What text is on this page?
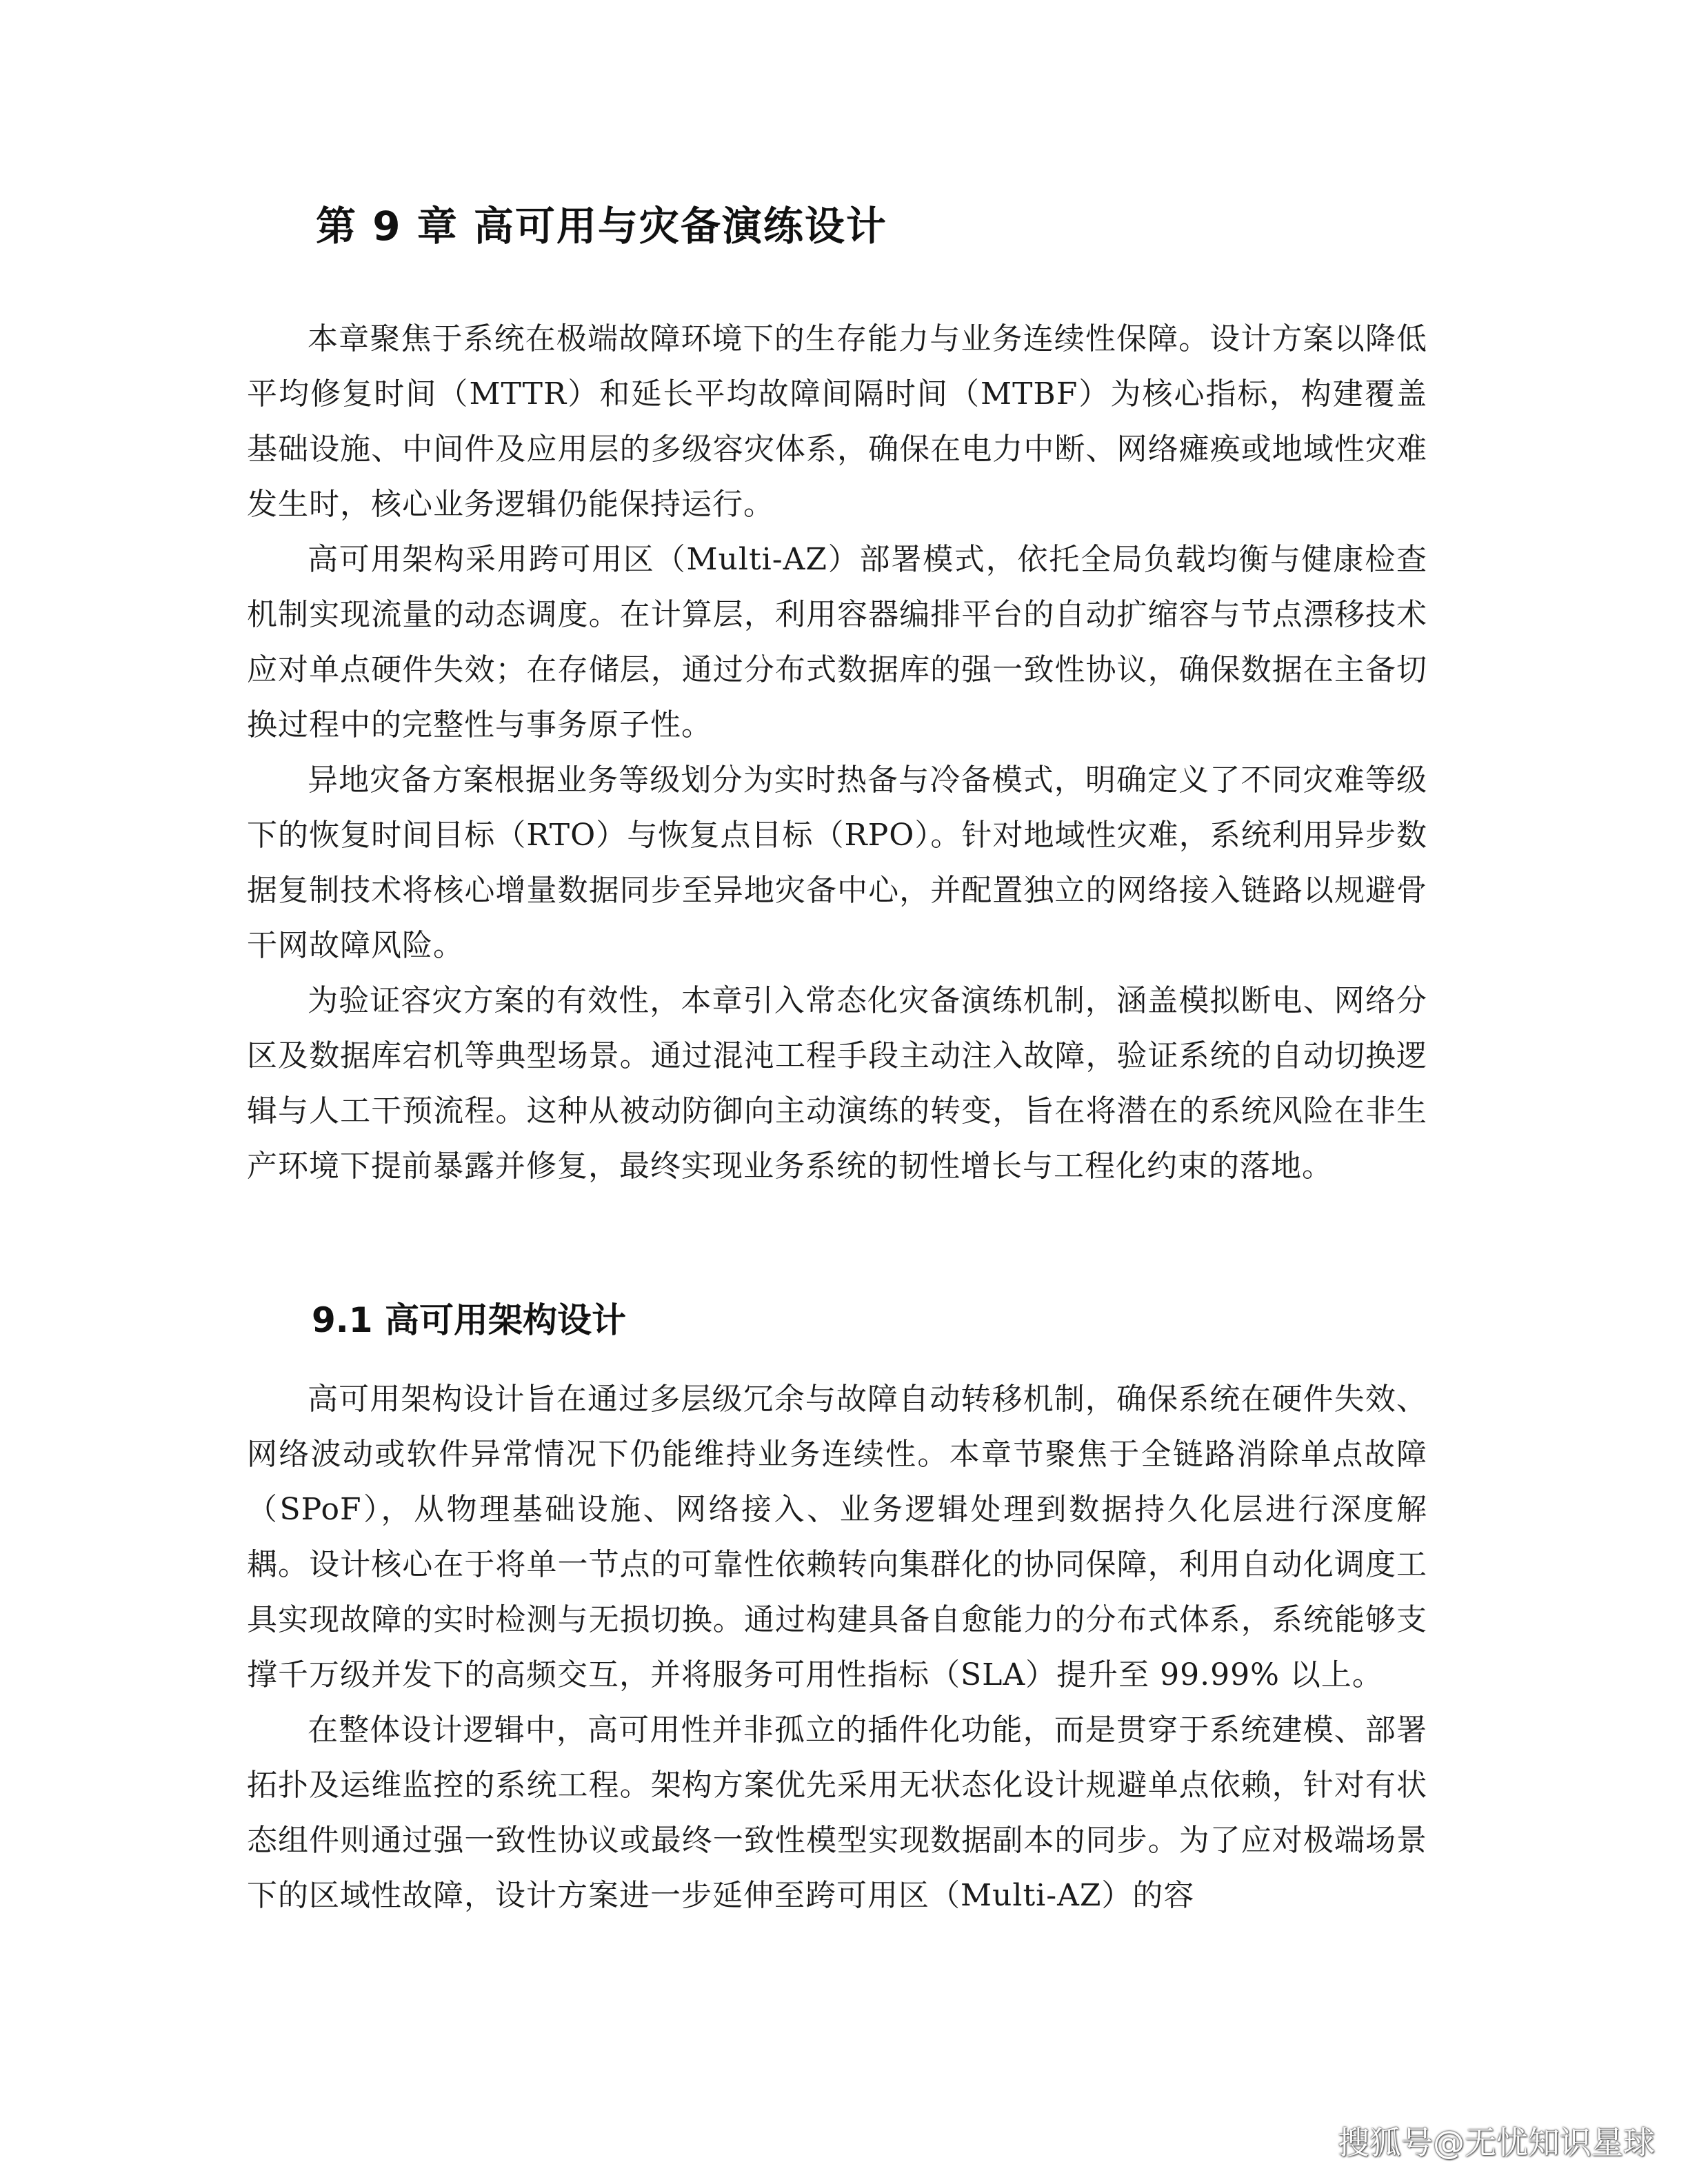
第 9 章 高可用与灾备演练设计

本章聚焦于系统在极端故障环境下的生存能力与业务连续性保障。设计方案以降低平均修复时间（MTTR）和延长平均故障间隔时间（MTBF）为核心指标，构建覆盖基础设施、中间件及应用层的多级容灾体系，确保在电力中断、网络瘫痪或地域性灾难发生时，核心业务逻辑仍能保持运行。

高可用架构采用跨可用区（Multi-AZ）部署模式，依托全局负载均衡与健康检查机制实现流量的动态调度。在计算层，利用容器编排平台的自动扩缩容与节点漂移技术应对单点硬件失效；在存储层，通过分布式数据库的强一致性协议，确保数据在主备切换过程中的完整性与事务原子性。

异地灾备方案根据业务等级划分为实时热备与冷备模式，明确定义了不同灾难等级下的恢复时间目标（RTO）与恢复点目标（RPO）。针对地域性灾难，系统利用异步数据复制技术将核心增量数据同步至异地灾备中心，并配置独立的网络接入链路以规避骨干网故障风险。

为验证容灾方案的有效性，本章引入常态化灾备演练机制，涵盖模拟断电、网络分区及数据库宕机等典型场景。通过混沌工程手段主动注入故障，验证系统的自动切换逻辑与人工干预流程。这种从被动防御向主动演练的转变，旨在将潜在的系统风险在非生产环境下提前暴露并修复，最终实现业务系统的韧性增长与工程化约束的落地。

9.1 高可用架构设计

高可用架构设计旨在通过多层级冗余与故障自动转移机制，确保系统在硬件失效、网络波动或软件异常情况下仍能维持业务连续性。本章节聚焦于全链路消除单点故障（SPoF），从物理基础设施、网络接入、业务逻辑处理到数据持久化层进行深度解耦。设计核心在于将单一节点的可靠性依赖转向集群化的协同保障，利用自动化调度工具实现故障的实时检测与无损切换。通过构建具备自愈能力的分布式体系，系统能够支撑千万级并发下的高频交互，并将服务可用性指标（SLA）提升至 99.99% 以上。

在整体设计逻辑中，高可用性并非孤立的插件化功能，而是贯穿于系统建模、部署拓扑及运维监控的系统工程。架构方案优先采用无状态化设计规避单点依赖，针对有状态组件则通过强一致性协议或最终一致性模型实现数据副本的同步。为了应对极端场景下的区域性故障，设计方案进一步延伸至跨可用区（Multi-AZ）的容

搜狐号@无忧知识星球
